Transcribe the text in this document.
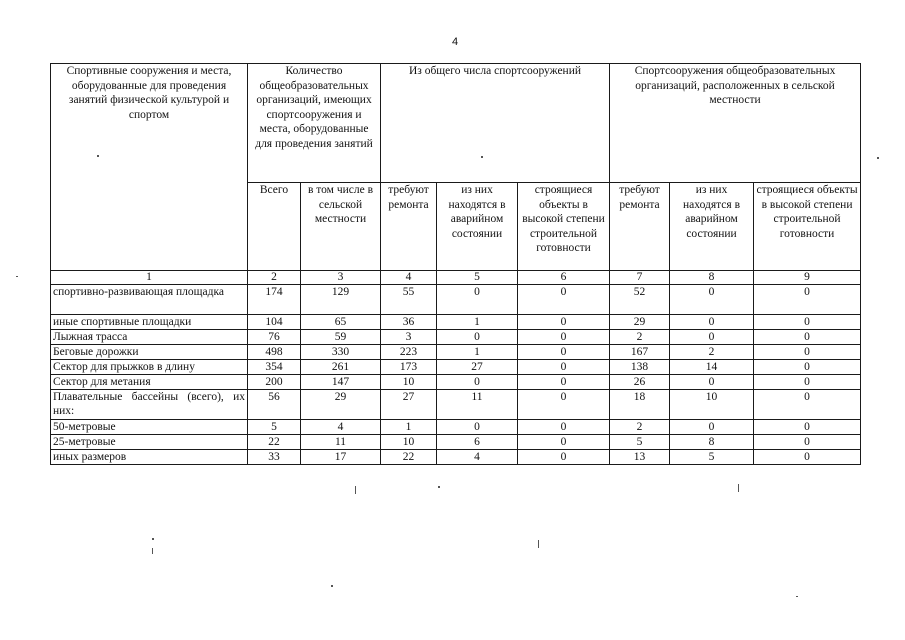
4
Спортивные сооружения и места, оборудованные для проведения занятий физической культурой и спортом	Количество общеобразовательных организаций, имеющих спортсооружения и места, оборудованные для проведения занятий		Из общего числа спортсооружений			Спортсооружения общеобразовательных организаций, расположенных в сельской местности		
	Всего	в том числе в сельской местности	требуют ремонта	из них находятся в аварийном состоянии	строящиеся объекты в высокой степени строительной готовности	требуют ремонта	из них находятся в аварийном состоянии	строящиеся объекты в высокой степени строительной готовности
1	2	3	4	5	6	7	8	9
спортивно-развивающая площадка	174	129	55	0	0	52	0	0
иные спортивные площадки	104	65	36	1	0	29	0	0
Лыжная трасса	76	59	3	0	0	2	0	0
Беговые дорожки	498	330	223	1	0	167	2	0
Сектор для прыжков в длину	354	261	173	27	0	138	14	0
Сектор для метания	200	147	10	0	0	26	0	0
Плавательные бассейны (всего), их них:	56	29	27	11	0	18	10	0
50-метровые	5	4	1	0	0	2	0	0
25-метровые	22	11	10	6	0	5	8	0
иных размеров	33	17	22	4	0	13	5	0
